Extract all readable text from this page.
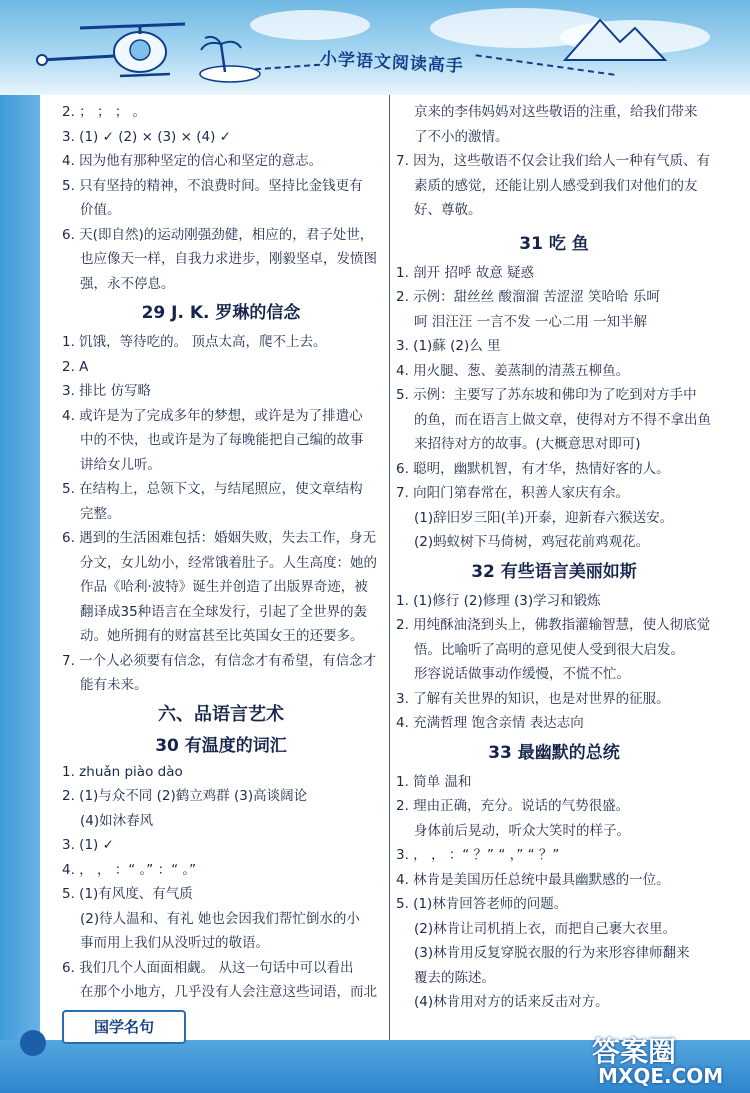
小学语文阅读高手
2. ； ； ； 。
3. (1) ✓ (2) × (3) × (4) ✓
4. 因为他有那种坚定的信心和坚定的意志。
5. 只有坚持的精神，不浪费时间。坚持比金钱更有
价值。
6. 天(即自然)的运动刚强劲健，相应的，君子处世，
也应像天一样，自我力求进步，刚毅坚卓，发愤图
强，永不停息。
29 J. K. 罗琳的信念
1. 饥饿，等待吃的。 顶点太高，爬不上去。
2. A
3. 排比 仿写略
4. 或许是为了完成多年的梦想，或许是为了排遣心
中的不快，也或许是为了每晚能把自己编的故事
讲给女儿听。
5. 在结构上，总领下文，与结尾照应，使文章结构
完整。
6. 遇到的生活困难包括：婚姻失败，失去工作，身无
分文，女儿幼小，经常饿着肚子。人生高度：她的
作品《哈利·波特》诞生并创造了出版界奇迹，被
翻译成35种语言在全球发行，引起了全世界的轰
动。她所拥有的财富甚至比英国女王的还要多。
7. 一个人必须要有信念，有信念才有希望，有信念才
能有未来。
六、品语言艺术
30 有温度的词汇
1. zhuǎn piào dào
2. (1)与众不同 (2)鹤立鸡群 (3)高谈阔论
(4)如沐春风
3. (1) ✓
4. ， ， ：“ 。” ：“ 。”
5. (1)有风度、有气质
(2)待人温和、有礼 她也会因我们帮忙倒水的小
事而用上我们从没听过的敬语。
6. 我们几个人面面相觑。 从这一句话中可以看出
在那个小地方，几乎没有人会注意这些词语，而北
京来的李伟妈妈对这些敬语的注重，给我们带来
了不小的激情。
7. 因为，这些敬语不仅会让我们给人一种有气质、有
素质的感觉，还能让别人感受到我们对他们的友
好、尊敬。
31 吃 鱼
1. 剖开 招呼 故意 疑惑
2. 示例：甜丝丝 酸溜溜 苦涩涩 笑哈哈 乐呵
呵 泪汪汪 一言不发 一心二用 一知半解
3. (1)蘇 (2)么 里
4. 用火腿、葱、姜蒸制的清蒸五柳鱼。
5. 示例：主要写了苏东坡和佛印为了吃到对方手中
的鱼，而在语言上做文章，使得对方不得不拿出鱼
来招待对方的故事。(大概意思对即可)
6. 聪明，幽默机智，有才华，热情好客的人。
7. 向阳门第春常在，积善人家庆有余。
(1)辞旧岁三阳(羊)开泰，迎新春六猴送安。
(2)蚂蚁树下马倚树，鸡冠花前鸡观花。
32 有些语言美丽如斯
1. (1)修行 (2)修理 (3)学习和锻炼
2. 用纯酥油浇到头上，佛教指灌输智慧，使人彻底觉
悟。比喻听了高明的意见使人受到很大启发。
形容说话做事动作缓慢，不慌不忙。
3. 了解有关世界的知识，也是对世界的征服。
4. 充满哲理 饱含亲情 表达志向
33 最幽默的总统
1. 简单 温和
2. 理由正确，充分。说话的气势很盛。
身体前后晃动，听众大笑时的样子。
3. ， ， ：“ ？” “ ，” “ ？”
4. 林肯是美国历任总统中最具幽默感的一位。
5. (1)林肯回答老师的问题。
(2)林肯让司机捎上衣，而把自己裹大衣里。
(3)林肯用反复穿脱衣服的行为来形容律师翻来
覆去的陈述。
(4)林肯用对方的话来反击对方。
国学名句
答案圈
MXQE.COM
